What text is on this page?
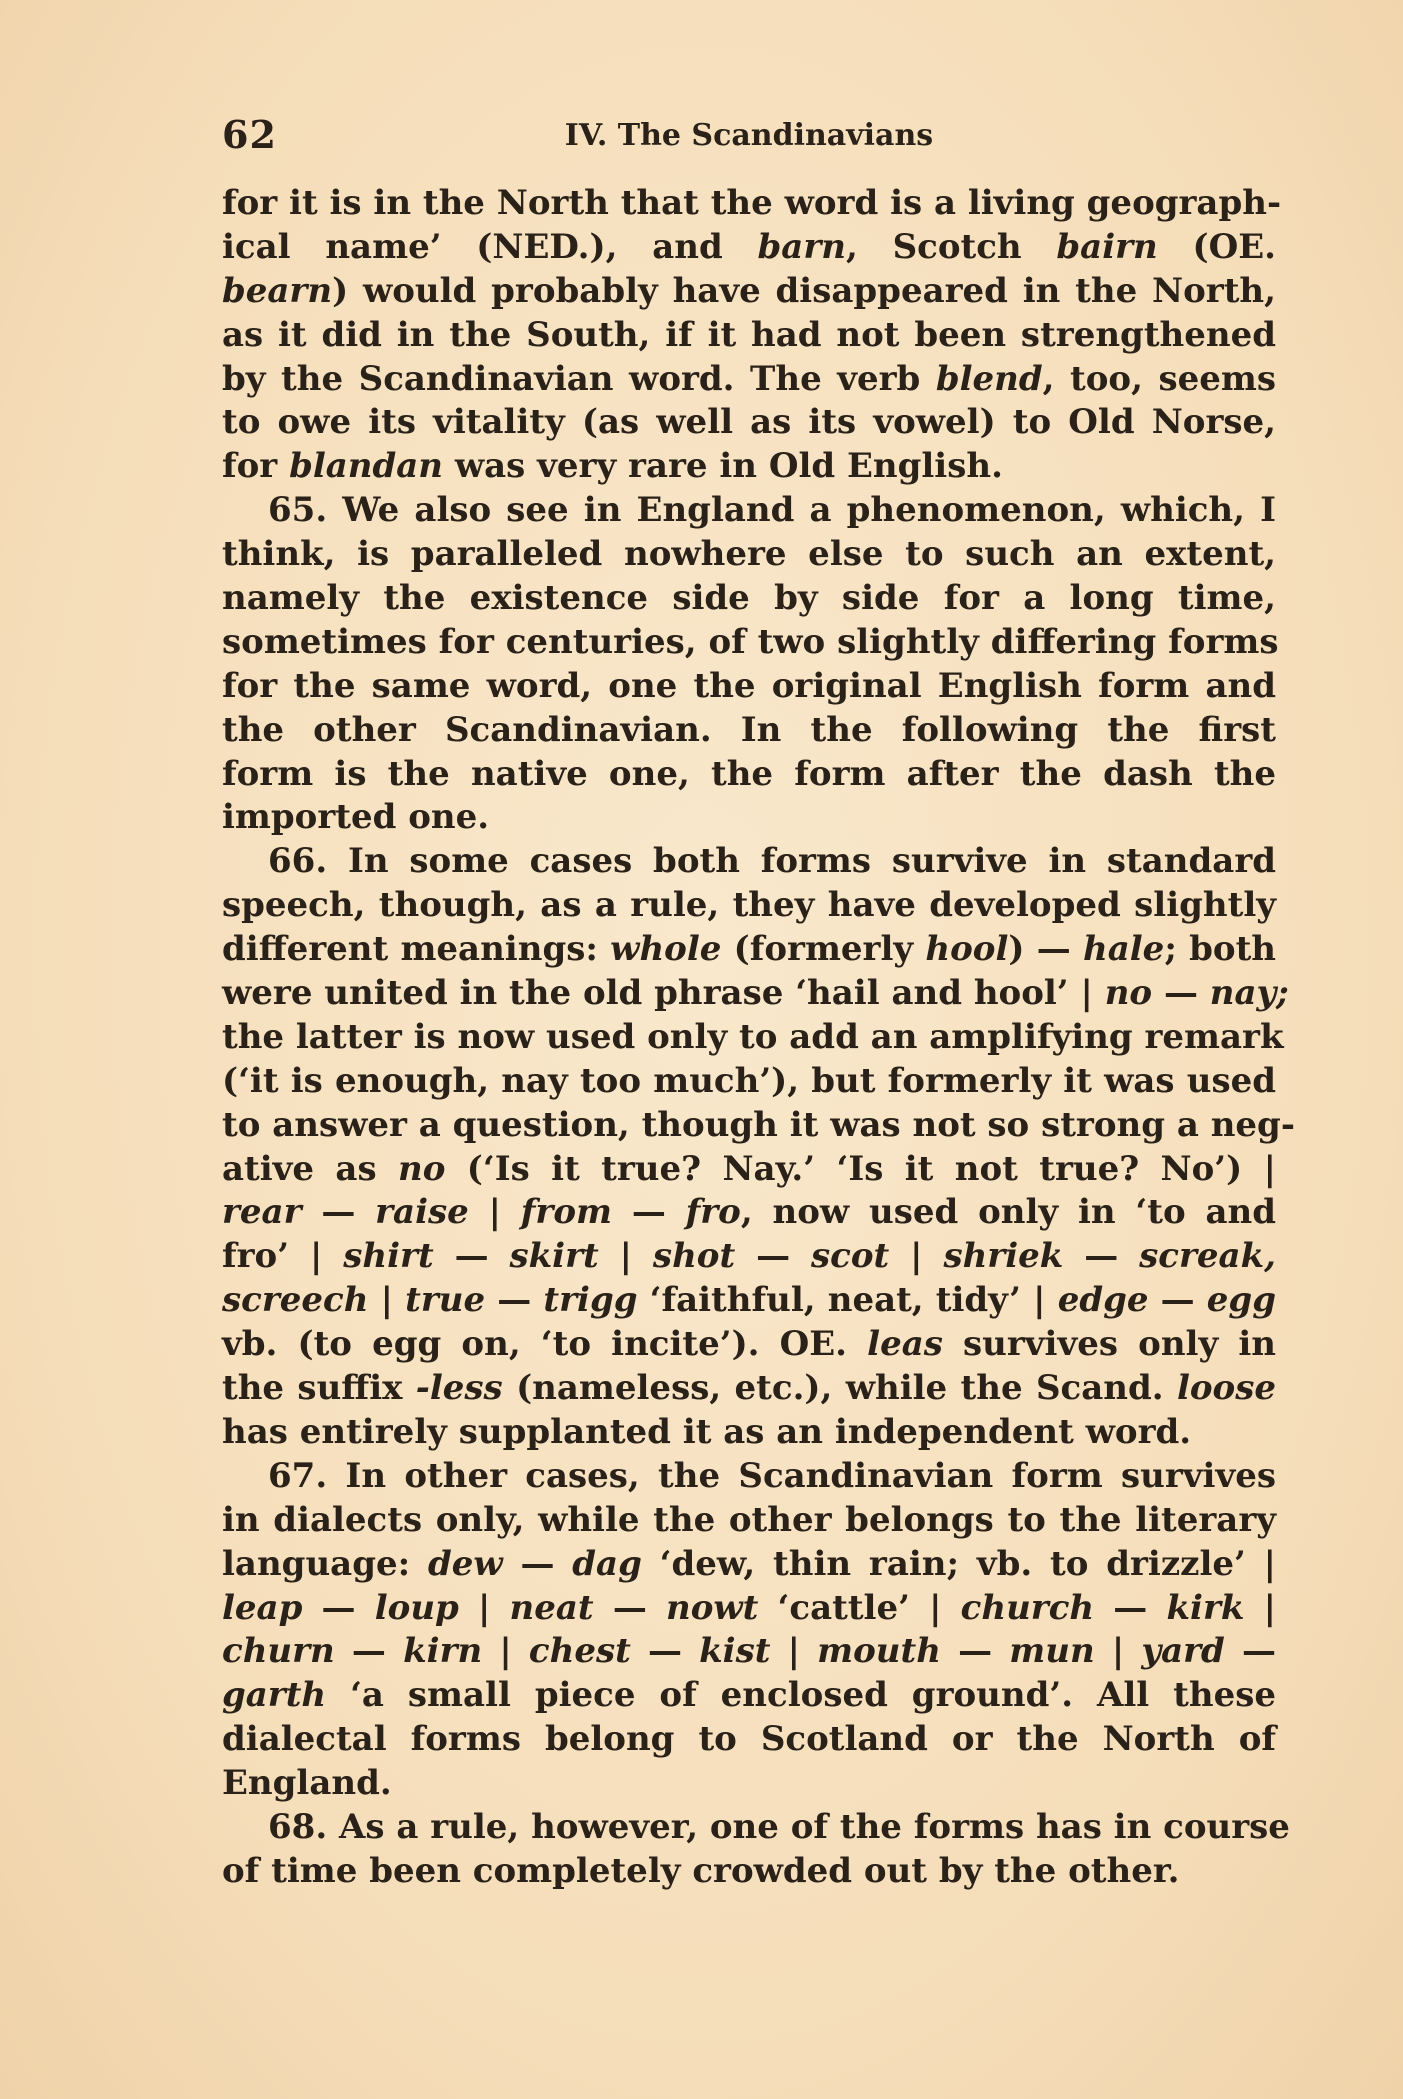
62	IV. The Scandinavians
for it is in the North that the word is a living geograph-
ical name’ (NED.), and barn, Scotch bairn (OE.
bearn) would probably have disappeared in the North,
as it did in the South, if it had not been strengthened
by the Scandinavian word. The verb blend, too, seems
to owe its vitality (as well as its vowel) to Old Norse,
for blandan was very rare in Old English.
65. We also see in England a phenomenon, which, I
think, is paralleled nowhere else to such an extent,
namely the existence side by side for a long time,
sometimes for centuries, of two slightly differing forms
for the same word, one the original English form and
the other Scandinavian. In the following the first
form is the native one, the form after the dash the
imported one.
66. In some cases both forms survive in standard
speech, though, as a rule, they have developed slightly
different meanings: whole (formerly hool) — hale; both
were united in the old phrase ‘hail and hool’ | no — nay;
the latter is now used only to add an amplifying remark
(‘it is enough, nay too much’), but formerly it was used
to answer a question, though it was not so strong a neg-
ative as no (‘Is it true? Nay.’ ‘Is it not true? No’) |
rear — raise | from — fro, now used only in ‘to and
fro’ | shirt — skirt | shot — scot | shriek — screak,
screech | true — trigg ‘faithful, neat, tidy’ | edge — egg
vb. (to egg on, ‘to incite’). OE. leas survives only in
the suffix -less (nameless, etc.), while the Scand. loose
has entirely supplanted it as an independent word.
67. In other cases, the Scandinavian form survives
in dialects only, while the other belongs to the literary
language: dew — dag ‘dew, thin rain; vb. to drizzle’ |
leap — loup | neat — nowt ‘cattle’ | church — kirk |
churn — kirn | chest — kist | mouth — mun | yard —
garth ‘a small piece of enclosed ground’. All these
dialectal forms belong to Scotland or the North of
England.
68. As a rule, however, one of the forms has in course
of time been completely crowded out by the other.
